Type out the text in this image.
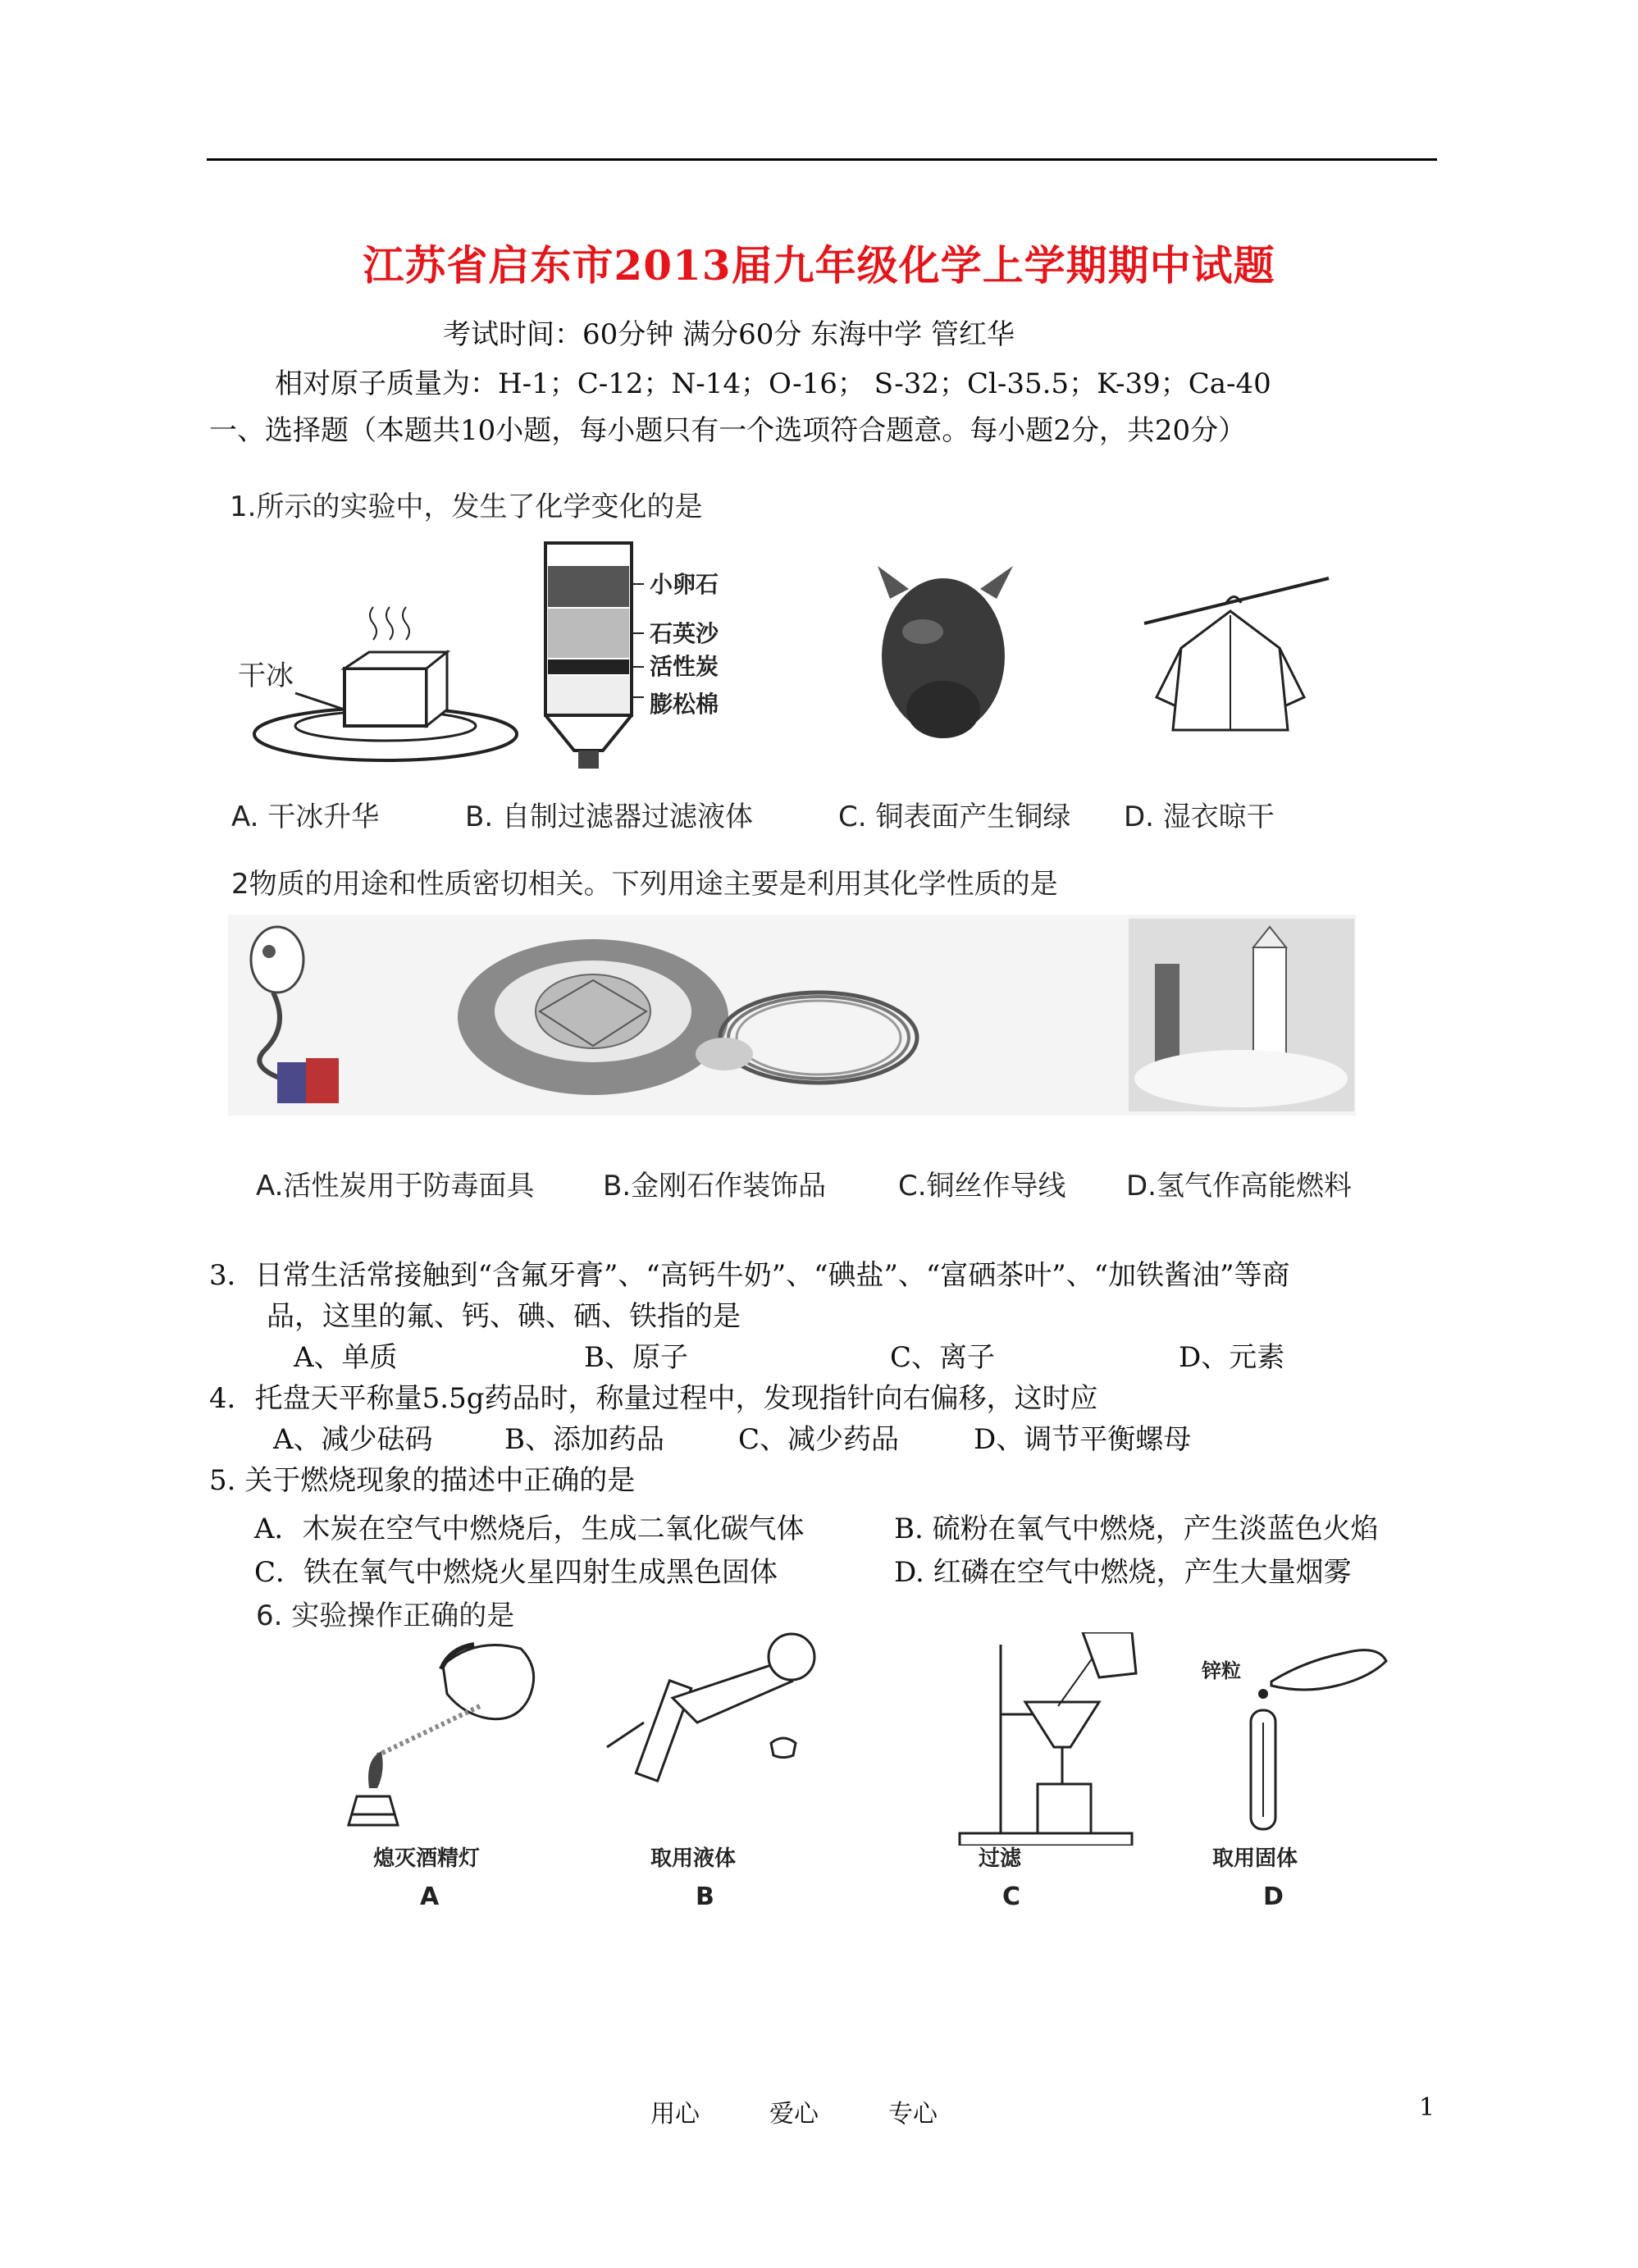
江苏省启东市2013届九年级化学上学期期中试题
考试时间：60分钟 满分60分 东海中学 管红华
相对原子质量为：H-1；C-12；N-14；O-16； S-32；Cl-35.5；K-39；Ca-40
一、选择题（本题共10小题，每小题只有一个选项符合题意。每小题2分，共20分）
1.所示的实验中，发生了化学变化的是
干冰
小卵石
石英沙
活性炭
膨松棉
A. 干冰升华	B. 自制过滤器过滤液体	C. 铜表面产生铜绿 D. 湿衣晾干
2物质的用途和性质密切相关。下列用途主要是利用其化学性质的是
A.活性炭用于防毒面具 B.金刚石作装饰品	C.铜丝作导线 D.氢气作高能燃料
3．日常生活常接触到“含氟牙膏”、“高钙牛奶”、“碘盐”、“富硒茶叶”、“加铁酱油”等商
品，这里的氟、钙、碘、硒、铁指的是
A、单质	B、原子	C、离子	D、元素
4．托盘天平称量5.5g药品时，称量过程中，发现指针向右偏移，这时应
A、减少砝码	B、添加药品	C、减少药品	D、调节平衡螺母
5. 关于燃烧现象的描述中正确的是
A．木炭在空气中燃烧后，生成二氧化碳气体	B. 硫粉在氧气中燃烧，产生淡蓝色火焰
C．铁在氧气中燃烧火星四射生成黑色固体	D. 红磷在空气中燃烧，产生大量烟雾
6. 实验操作正确的是
锌粒
熄灭酒精灯	取用液体	过滤	取用固体
A	B	C	D
用心	爱心	专心	1
